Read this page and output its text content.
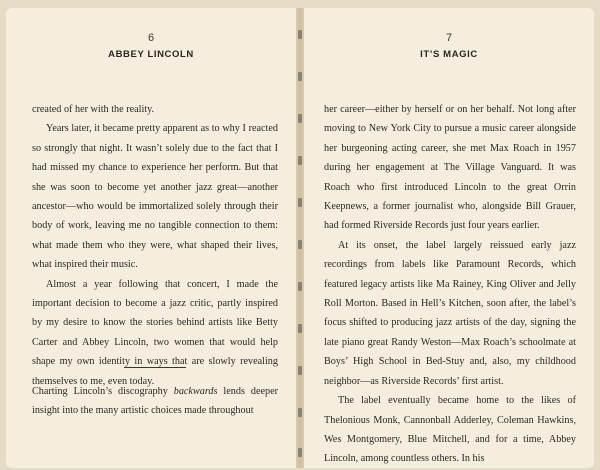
6
ABBEY LINCOLN

created of her with the reality.

Years later, it became pretty apparent as to why I reacted so strongly that night. It wasn’t solely due to the fact that I had missed my chance to experience her perform. But that she was soon to become yet another jazz great—another ancestor—who would be immortalized solely through their body of work, leaving me no tangible connection to them: what made them who they were, what shaped their lives, what inspired their music.

Almost a year following that concert, I made the important decision to become a jazz critic, partly inspired by my desire to know the stories behind artists like Betty Carter and Abbey Lincoln, two women that would help shape my own identity in ways that are slowly revealing themselves to me, even today.

Charting Lincoln’s discography backwards lends deeper insight into the many artistic choices made throughout

7
IT’S MAGIC

her career—either by herself or on her behalf. Not long after moving to New York City to pursue a music career alongside her burgeoning acting career, she met Max Roach in 1957 during her engagement at The Village Vanguard. It was Roach who first introduced Lincoln to the great Orrin Keepnews, a former journalist who, alongside Bill Grauer, had formed Riverside Records just four years earlier.

At its onset, the label largely reissued early jazz recordings from labels like Paramount Records, which featured legacy artists like Ma Rainey, King Oliver and Jelly Roll Morton. Based in Hell’s Kitchen, soon after, the label’s focus shifted to producing jazz artists of the day, signing the late piano great Randy Weston—Max Roach’s schoolmate at Boys’ High School in Bed-Stuy and, also, my childhood neighbor—as Riverside Records’ first artist.

The label eventually became home to the likes of Thelonious Monk, Cannonball Adderley, Coleman Hawkins, Wes Montgomery, Blue Mitchell, and for a time, Abbey Lincoln, among countless others. In his
